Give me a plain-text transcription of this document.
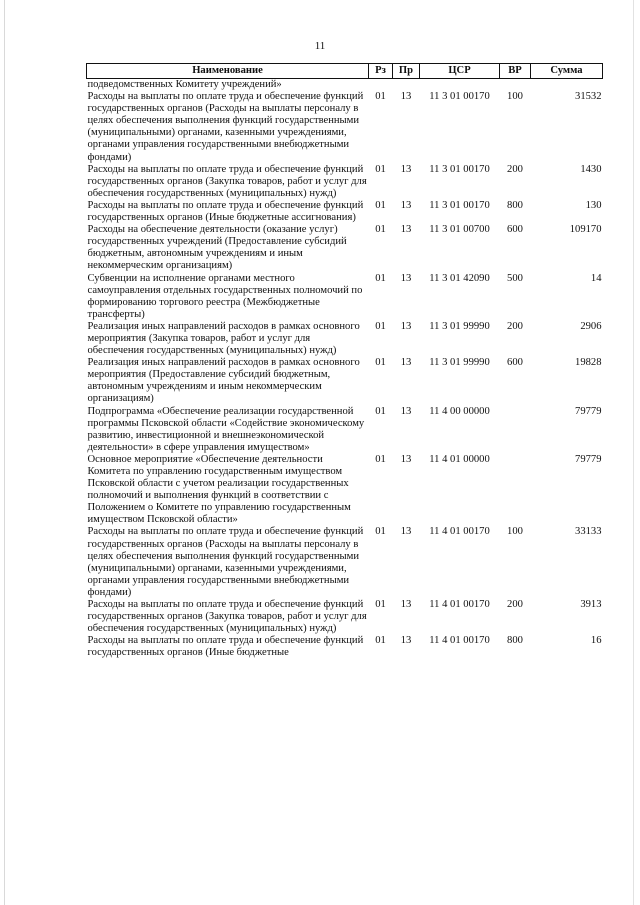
11
Наименование	Рз	Пр	ЦСР	ВР	Сумма
подведомственных Комитету учреждений»					
Расходы на выплаты по оплате труда и обеспечение функций государственных органов (Расходы на выплаты персоналу в целях обеспечения выполнения функций государственными (муниципальными) органами, казенными учреждениями, органами управления государственными внебюджетными фондами)	01	13	11 3 01 00170	100	31532
Расходы на выплаты по оплате труда и обеспечение функций государственных органов (Закупка товаров, работ и услуг для обеспечения государственных (муниципальных) нужд)	01	13	11 3 01 00170	200	1430
Расходы на выплаты по оплате труда и обеспечение функций государственных органов (Иные бюджетные ассигнования)	01	13	11 3 01 00170	800	130
Расходы на обеспечение деятельности (оказание услуг) государственных учреждений (Предоставление субсидий бюджетным, автономным учреждениям и иным некоммерческим организациям)	01	13	11 3 01 00700	600	109170
Субвенции на исполнение органами местного самоуправления отдельных государственных полномочий по формированию торгового реестра (Межбюджетные трансферты)	01	13	11 3 01 42090	500	14
Реализация иных направлений расходов в рамках основного мероприятия (Закупка товаров, работ и услуг для обеспечения государственных (муниципальных) нужд)	01	13	11 3 01 99990	200	2906
Реализация иных направлений расходов в рамках основного мероприятия (Предоставление субсидий бюджетным, автономным учреждениям и иным некоммерческим организациям)	01	13	11 3 01 99990	600	19828
Подпрограмма «Обеспечение реализации государственной программы Псковской области «Содействие экономическому развитию, инвестиционной и внешнеэкономической деятельности» в сфере управления имуществом»	01	13	11 4 00 00000		79779
Основное мероприятие «Обеспечение деятельности Комитета по управлению государственным имуществом Псковской области с учетом реализации государственных полномочий и выполнения функций в соответствии с Положением о Комитете по управлению государственным имуществом Псковской области»	01	13	11 4 01 00000		79779
Расходы на выплаты по оплате труда и обеспечение функций государственных органов (Расходы на выплаты персоналу в целях обеспечения выполнения функций государственными (муниципальными) органами, казенными учреждениями, органами управления государственными внебюджетными фондами)	01	13	11 4 01 00170	100	33133
Расходы на выплаты по оплате труда и обеспечение функций государственных органов (Закупка товаров, работ и услуг для обеспечения государственных (муниципальных) нужд)	01	13	11 4 01 00170	200	3913
Расходы на выплаты по оплате труда и обеспечение функций государственных органов (Иные бюджетные	01	13	11 4 01 00170	800	16
